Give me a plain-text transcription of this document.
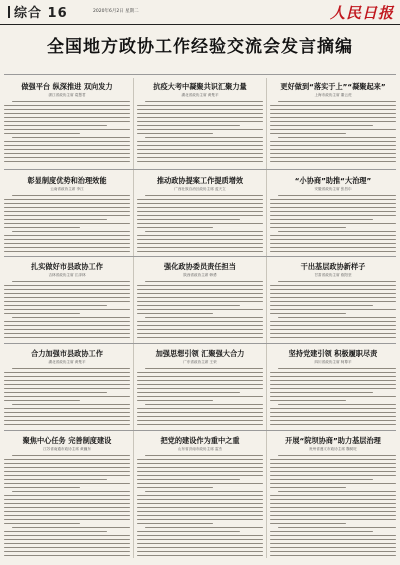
综合 16	2020年6月2日 星期二	人民日报
全国地方政协工作经验交流会发言摘编

做强平台 纵深推进 双向发力

浙江省政协主席 葛慧君

彰显制度优势和治理效能

云南省政协主席 李江

扎实做好市县政协工作

吉林省政协主席 江泽林

合力加强市县政协工作

湖北省政协主席 黄楚平

聚焦中心任务 完善制度建设

江苏省南通市政协主席 黄巍东

抗疫大考中凝聚共识汇聚力量

湖北省政协主席 黄楚平

推动政协提案工作提质增效

广西壮族自治区政协主席 蓝天立

强化政协委员责任担当

陕西省政协主席 韩勇

加强思想引领 汇聚强大合力

广东省政协主席 王荣

把党的建设作为重中之重

山东省济南市政协主席 雷杰

更好做到“落实于上”“凝聚起来”

上海市政协主席 董云虎

“小协商”助推“大治理”

安徽省政协主席 张昌尔

干出基层政协新样子

甘肃省政协主席 欧阳坚

坚持党建引领 积极履职尽责

四川省政协主席 柯尊平

开展“院坝协商”助力基层治理

贵州省遵义市政协主席 魏树旺
